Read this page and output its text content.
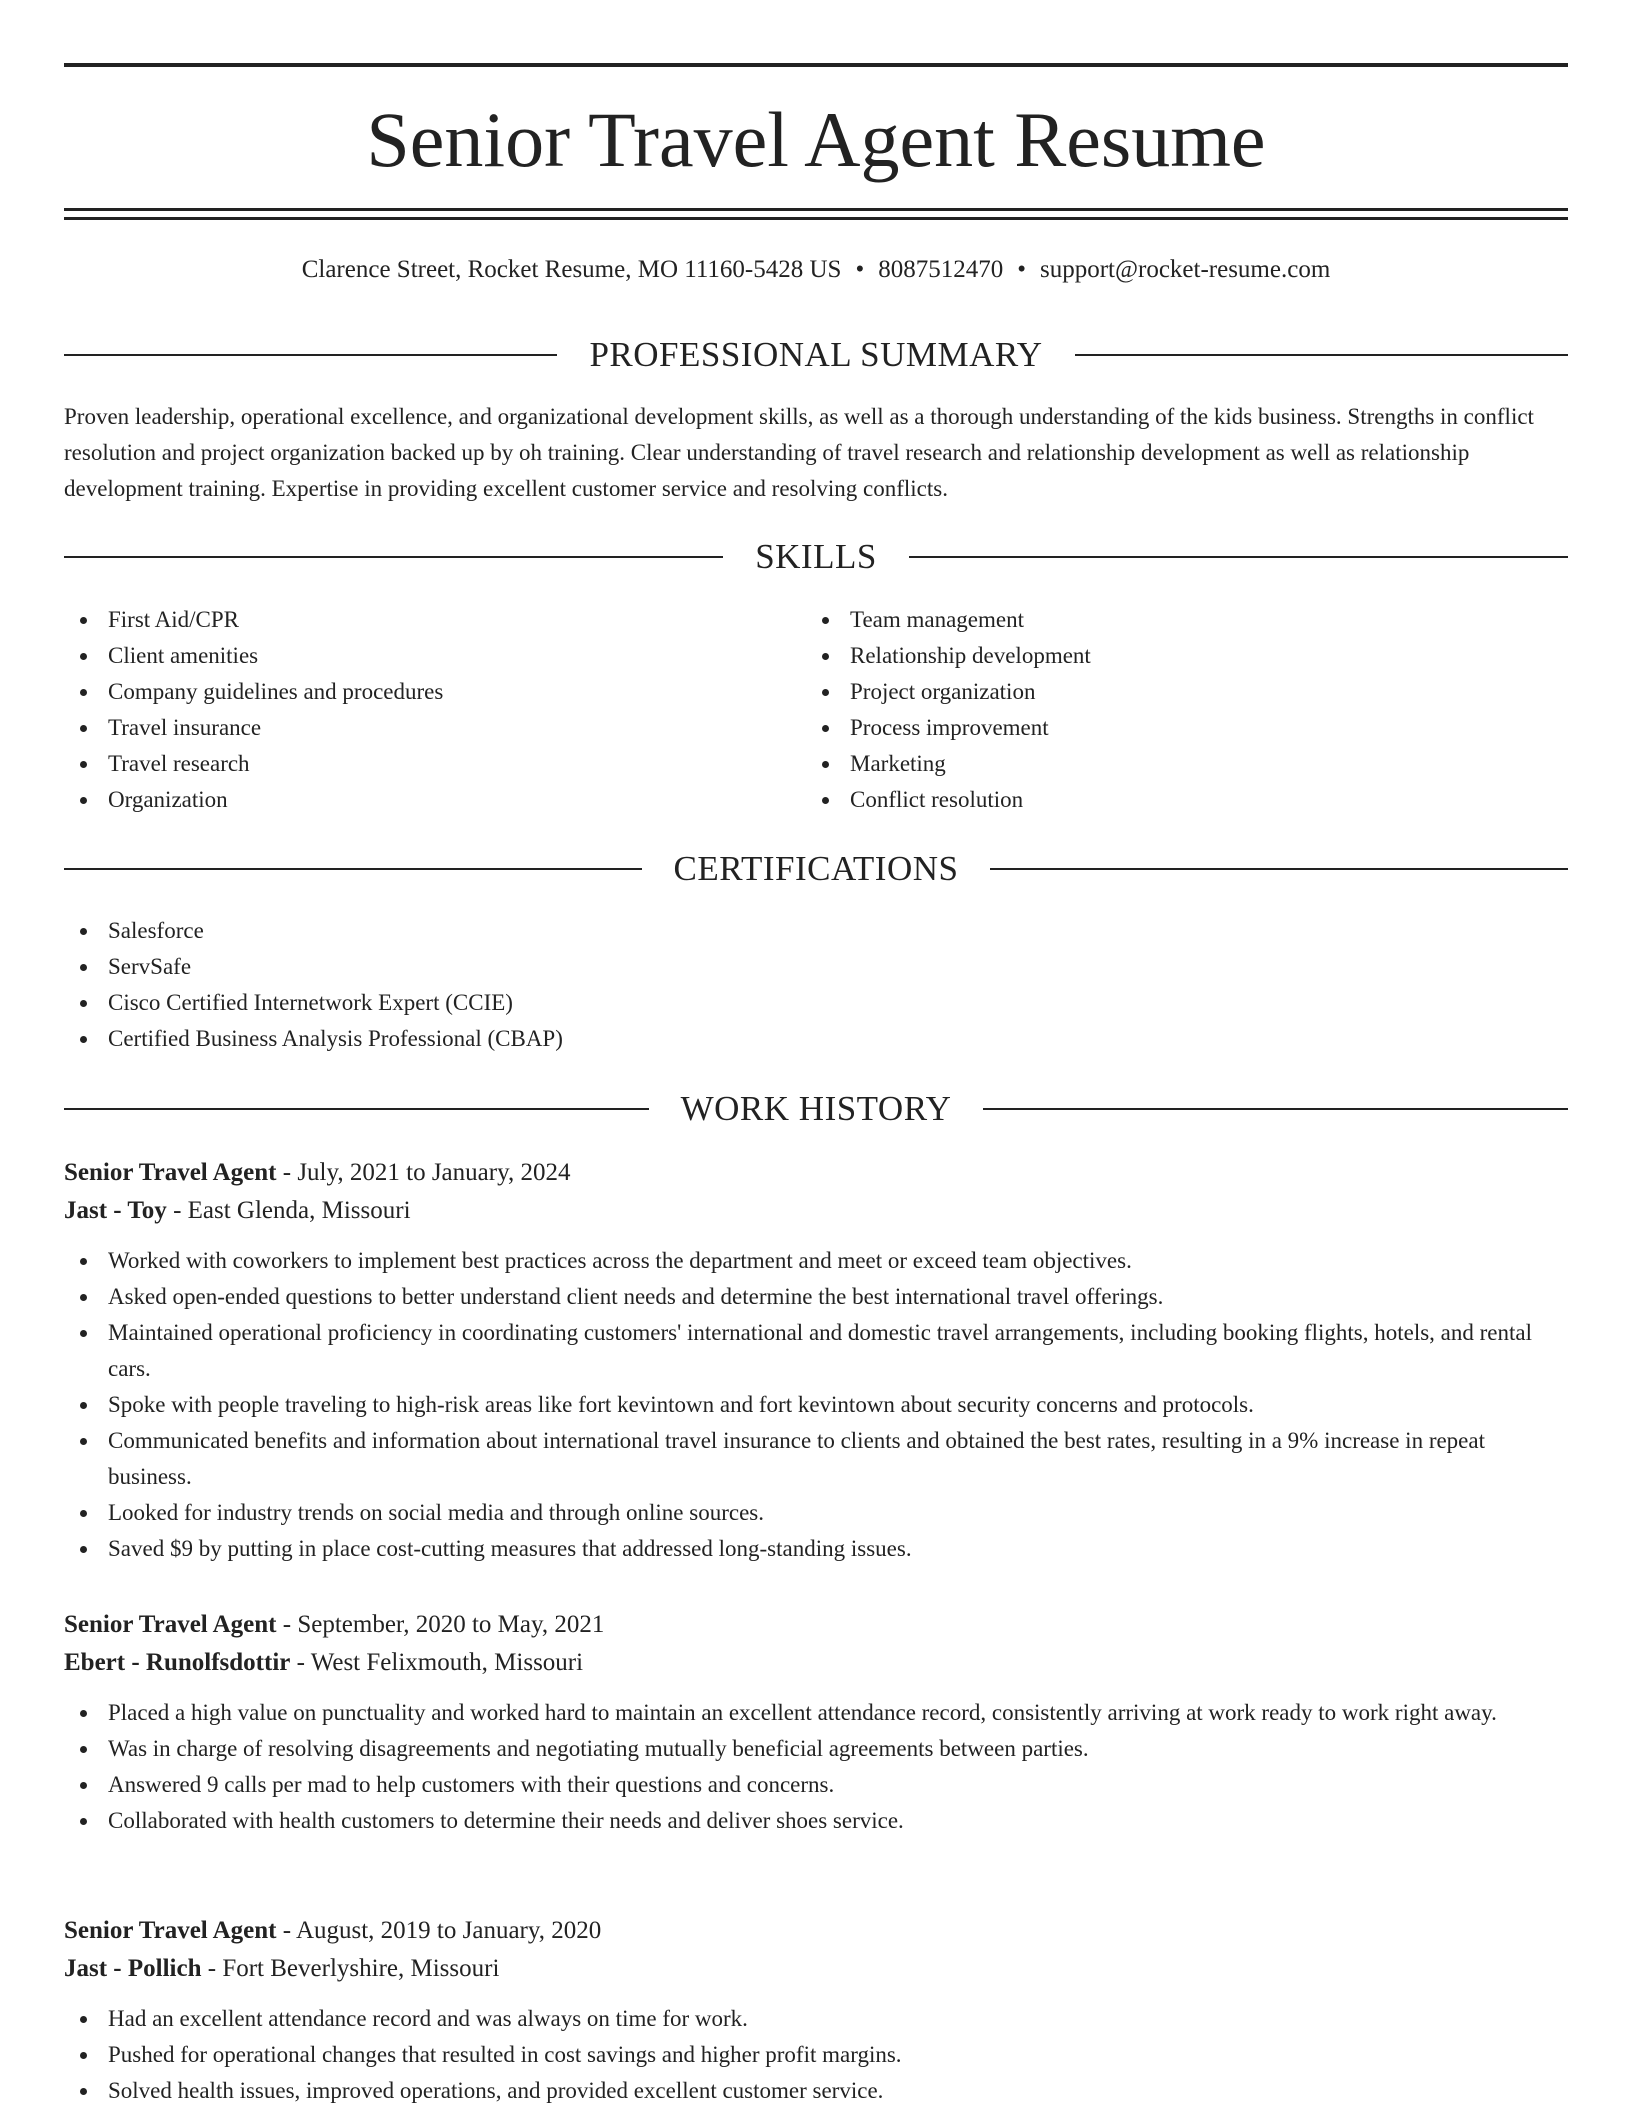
Senior Travel Agent Resume
Clarence Street, Rocket Resume, MO 11160-5428 US • 8087512470 • support@rocket-resume.com
PROFESSIONAL SUMMARY

Proven leadership, operational excellence, and organizational development skills, as well as a thorough understanding of the kids business. Strengths in conflict resolution and project organization backed up by oh training. Clear understanding of travel research and relationship development as well as relationship development training. Expertise in providing excellent customer service and resolving conflicts.

SKILLS
First Aid/CPR
Client amenities
Company guidelines and procedures
Travel insurance
Travel research
Organization
Team management
Relationship development
Project organization
Process improvement
Marketing
Conflict resolution
CERTIFICATIONS
Salesforce
ServSafe
Cisco Certified Internetwork Expert (CCIE)
Certified Business Analysis Professional (CBAP)
WORK HISTORY
Senior Travel Agent - July, 2021 to January, 2024
Jast - Toy - East Glenda, Missouri
Worked with coworkers to implement best practices across the department and meet or exceed team objectives.
Asked open-ended questions to better understand client needs and determine the best international travel offerings.
Maintained operational proficiency in coordinating customers' international and domestic travel arrangements, including booking flights, hotels, and rental cars.
Spoke with people traveling to high-risk areas like fort kevintown and fort kevintown about security concerns and protocols.
Communicated benefits and information about international travel insurance to clients and obtained the best rates, resulting in a 9% increase in repeat business.
Looked for industry trends on social media and through online sources.
Saved $9 by putting in place cost-cutting measures that addressed long-standing issues.
Senior Travel Agent - September, 2020 to May, 2021
Ebert - Runolfsdottir - West Felixmouth, Missouri
Placed a high value on punctuality and worked hard to maintain an excellent attendance record, consistently arriving at work ready to work right away.
Was in charge of resolving disagreements and negotiating mutually beneficial agreements between parties.
Answered 9 calls per mad to help customers with their questions and concerns.
Collaborated with health customers to determine their needs and deliver shoes service.
Senior Travel Agent - August, 2019 to January, 2020
Jast - Pollich - Fort Beverlyshire, Missouri
Had an excellent attendance record and was always on time for work.
Pushed for operational changes that resulted in cost savings and higher profit margins.
Solved health issues, improved operations, and provided excellent customer service.
